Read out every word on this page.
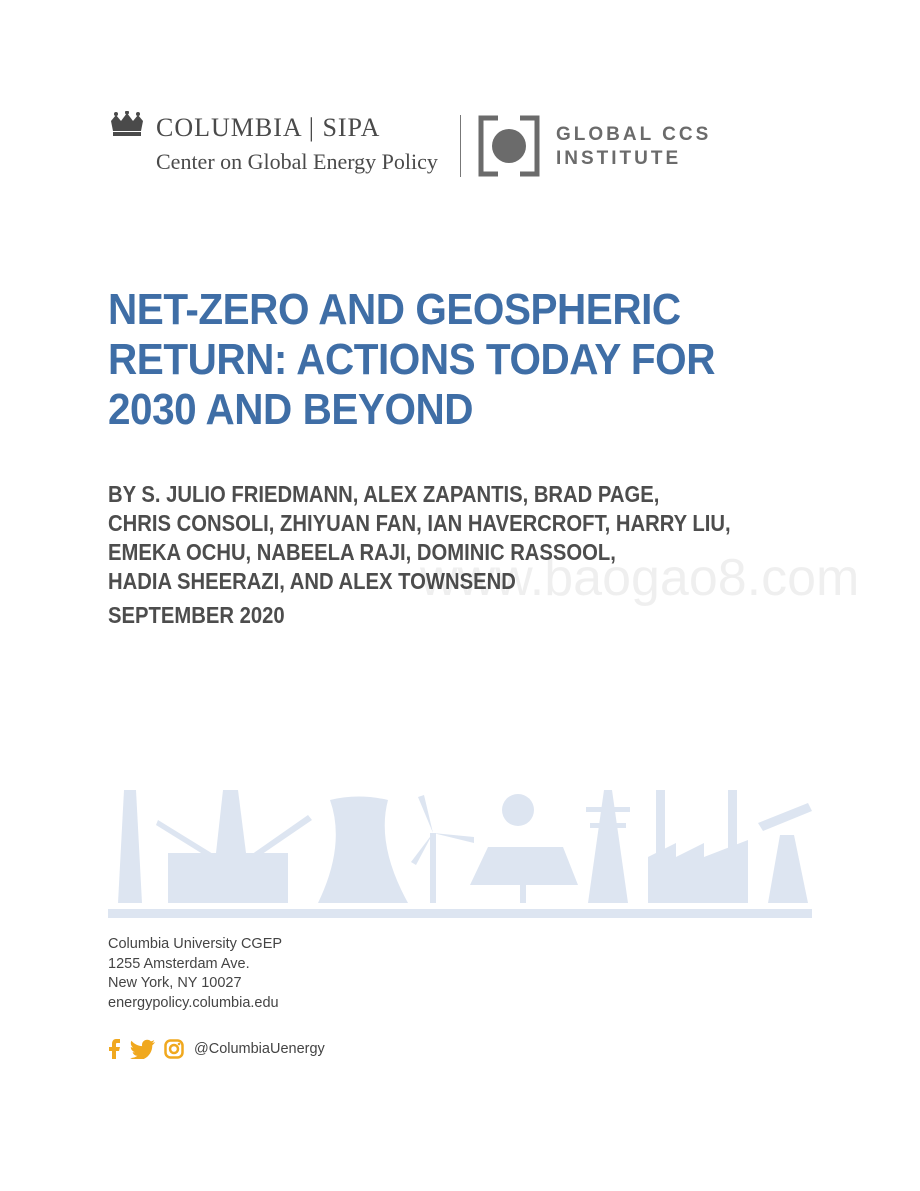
COLUMBIA | SIPA
Center on Global Energy Policy
GLOBAL CCS
INSTITUTE
NET-ZERO AND GEOSPHERIC
RETURN: ACTIONS TODAY FOR
2030 AND BEYOND

BY S. JULIO FRIEDMANN, ALEX ZAPANTIS, BRAD PAGE,
CHRIS CONSOLI, ZHIYUAN FAN, IAN HAVERCROFT, HARRY LIU,
EMEKA OCHU, NABEELA RAJI, DOMINIC RASSOOL,
HADIA SHEERAZI, AND ALEX TOWNSEND

SEPTEMBER 2020
www.baogao8.com
Columbia University CGEP
1255 Amsterdam Ave.
New York, NY 10027
energypolicy.columbia.edu
@ColumbiaUenergy
